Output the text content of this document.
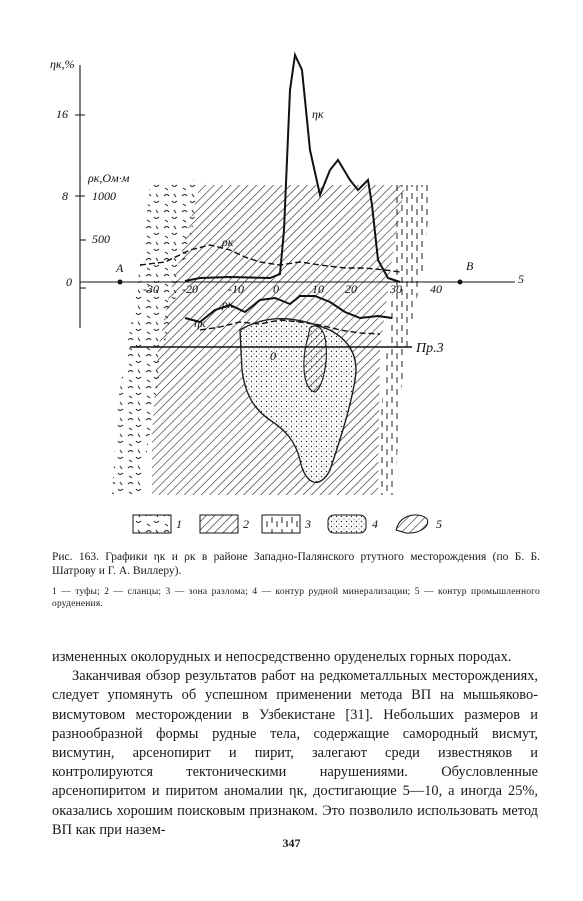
ηк,%
16
8
0
ρк,Ом·м
1000
500
A	B
5
-30 -20	-10 0	10 20	30 40
ηк
ρк
ρк
ηк
0	Пр.3
1	2	3	4	5
Рис. 163. Графики ηк и ρк в районе Западно-Палянского ртутного месторождения (по Б. Б. Шатрову и Г. А. Виллеру).
1 — туфы; 2 — сланцы; 3 — зона разлома; 4 — контур рудной минерализации; 5 — контур промышленного оруденения.

измененных околорудных и непосредственно оруденелых горных породах.

Заканчивая обзор результатов работ на редкометалльных месторождениях, следует упомянуть об успешном применении метода ВП на мышьяково-висмутовом месторождении в Узбекистане [31]. Небольших размеров и разнообразной формы рудные тела, содержащие самородный висмут, висмутин, арсенопирит и пирит, залегают среди известняков и контролируются тектоническими нарушениями. Обусловленные арсенопиритом и пиритом аномалии ηк, достигающие 5—10, а иногда 25%, оказались хорошим поисковым признаком. Это позволило использовать метод ВП как при назем-

347
